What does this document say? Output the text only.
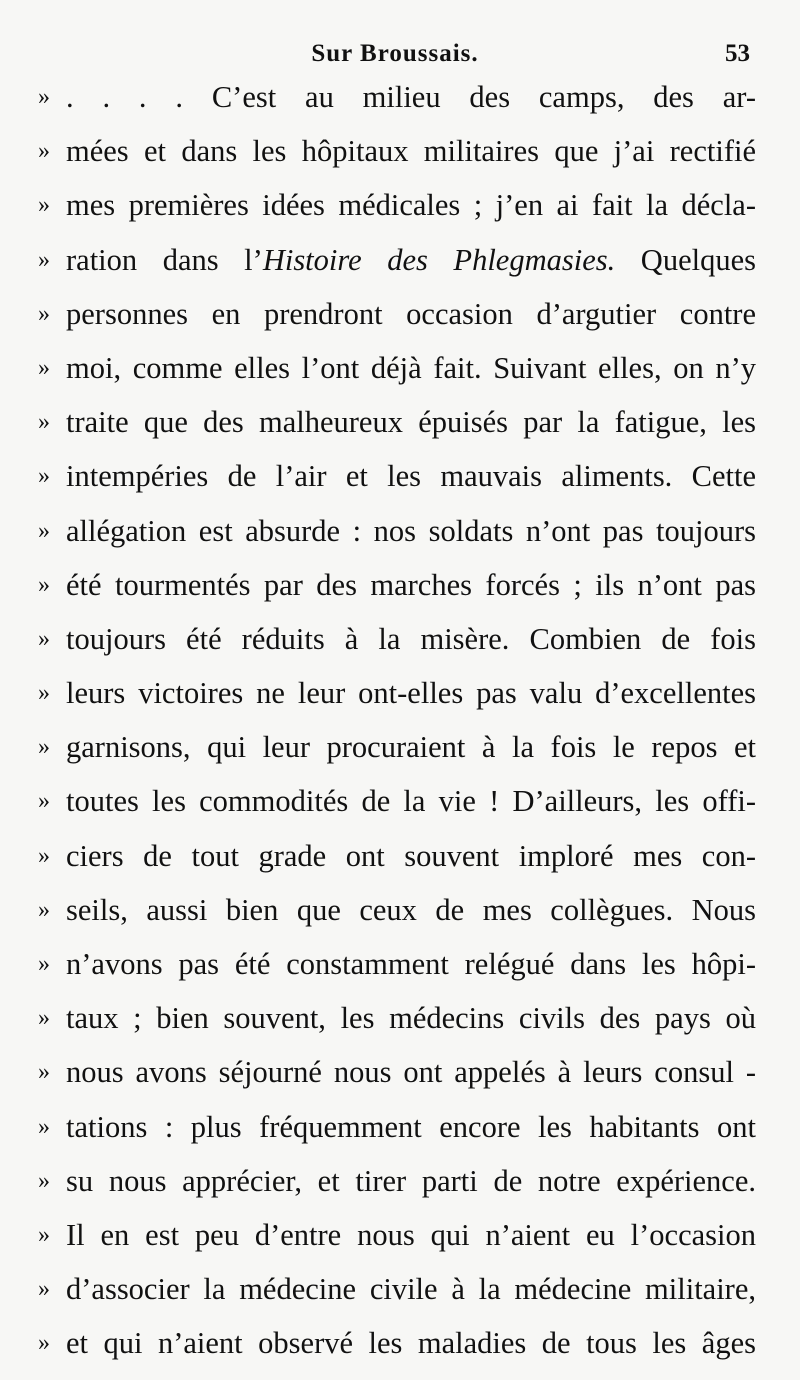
Sur Broussais.	53
» . . . . C’est au milieu des camps, des ar-
» mées et dans les hôpitaux militaires que j’ai rectifié
» mes premières idées médicales ; j’en ai fait la décla-
» ration dans l’Histoire des Phlegmasies. Quelques
» personnes en prendront occasion d’argutier contre
» moi, comme elles l’ont déjà fait. Suivant elles, on n’y
» traite que des malheureux épuisés par la fatigue, les
» intempéries de l’air et les mauvais aliments. Cette
» allégation est absurde : nos soldats n’ont pas toujours
» été tourmentés par des marches forcés ; ils n’ont pas
» toujours été réduits à la misère. Combien de fois
» leurs victoires ne leur ont-elles pas valu d’excellentes
» garnisons, qui leur procuraient à la fois le repos et
» toutes les commodités de la vie ! D’ailleurs, les offi-
» ciers de tout grade ont souvent imploré mes con-
» seils, aussi bien que ceux de mes collègues. Nous
» n’avons pas été constamment relégué dans les hôpi-
» taux ; bien souvent, les médecins civils des pays où
» nous avons séjourné nous ont appelés à leurs consul -
» tations : plus fréquemment encore les habitants ont
» su nous apprécier, et tirer parti de notre expérience.
» Il en est peu d’entre nous qui n’aient eu l’occasion
» d’associer la médecine civile à la médecine militaire,
» et qui n’aient observé les maladies de tous les âges
